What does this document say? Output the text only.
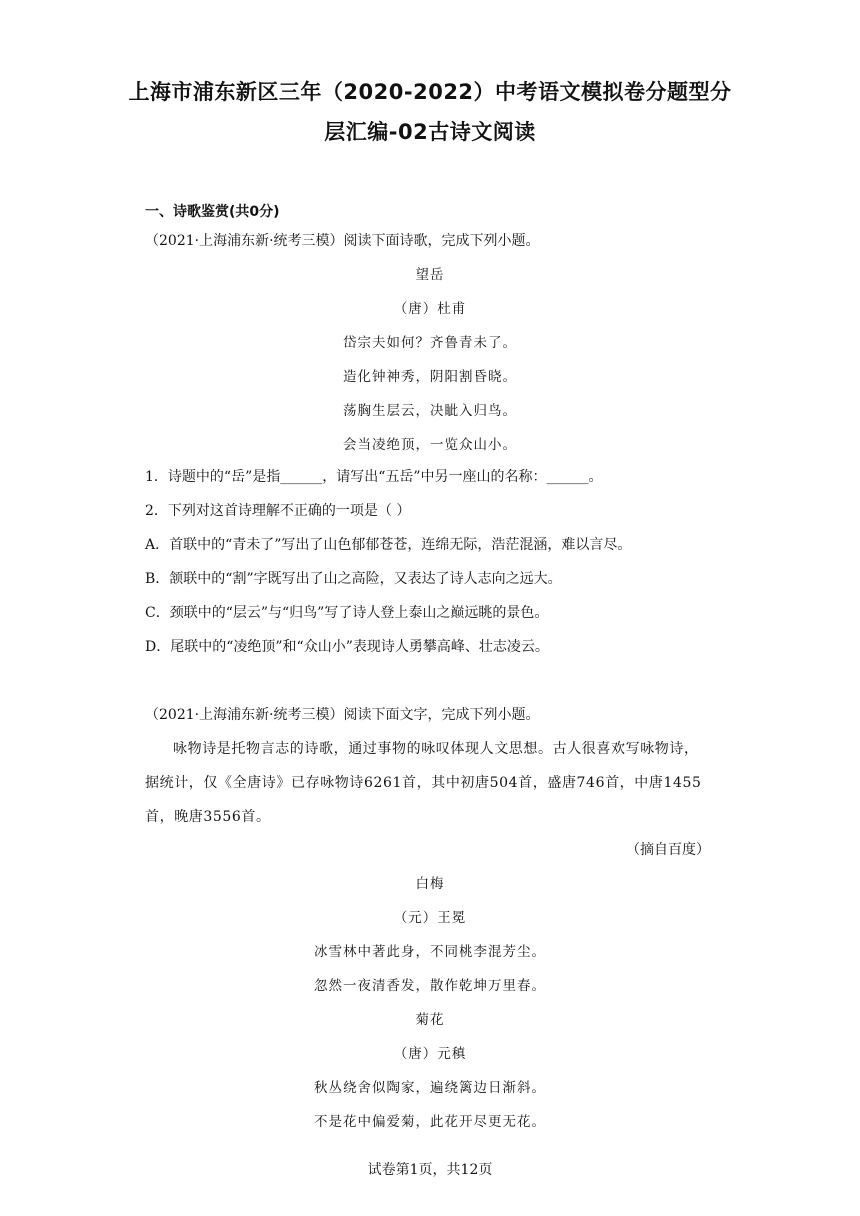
上海市浦东新区三年（2020-2022）中考语文模拟卷分题型分
层汇编-02古诗文阅读
一、诗歌鉴赏(共0分)
（2021·上海浦东新·统考三模）阅读下面诗歌，完成下列小题。
望岳
（唐）杜甫
岱宗夫如何？齐鲁青未了。
造化钟神秀，阴阳割昏晓。
荡胸生层云，决眦入归鸟。
会当凌绝顶，一览众山小。
1．诗题中的“岳”是指______，请写出“五岳”中另一座山的名称：______。
2．下列对这首诗理解不正确的一项是（ ）
A．首联中的“青未了”写出了山色郁郁苍苍，连绵无际，浩茫混涵，难以言尽。
B．颔联中的“割”字既写出了山之高险，又表达了诗人志向之远大。
C．颈联中的“层云”与“归鸟”写了诗人登上泰山之巅远眺的景色。
D．尾联中的“凌绝顶”和“众山小”表现诗人勇攀高峰、壮志凌云。
（2021·上海浦东新·统考三模）阅读下面文字，完成下列小题。
咏物诗是托物言志的诗歌，通过事物的咏叹体现人文思想。古人很喜欢写咏物诗，
据统计，仅《全唐诗》已存咏物诗6261首，其中初唐504首，盛唐746首，中唐1455
首，晚唐3556首。
（摘自百度）
白梅
（元）王冕
冰雪林中著此身，不同桃李混芳尘。
忽然一夜清香发，散作乾坤万里春。
菊花
（唐）元稹
秋丛绕舍似陶家，遍绕篱边日渐斜。
不是花中偏爱菊，此花开尽更无花。
试卷第1页，共12页
